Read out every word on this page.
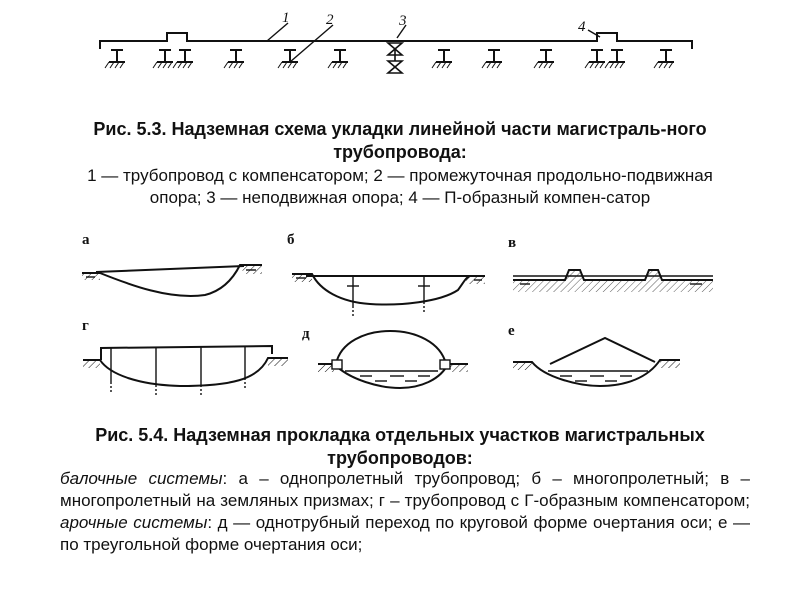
1 2	3	4
Рис. 5.3. Надземная схема укладки линейной части магистраль-ного трубопровода:
1 — трубопровод с компенсатором; 2 — промежуточная продольно-подвижная опора; 3 — неподвижная опора; 4 — П-образный компен-сатор
а	б	в
г	д	е
Рис. 5.4. Надземная прокладка отдельных участков магистральных трубопроводов:
балочные системы: а – однопролетный трубопровод; б – многопролетный; в – многопролетный на земляных призмах; г – трубопровод с Г-образным компенсатором; арочные системы: д — однотрубный переход по круговой форме очертания оси; е — по треугольной форме очертания оси;
